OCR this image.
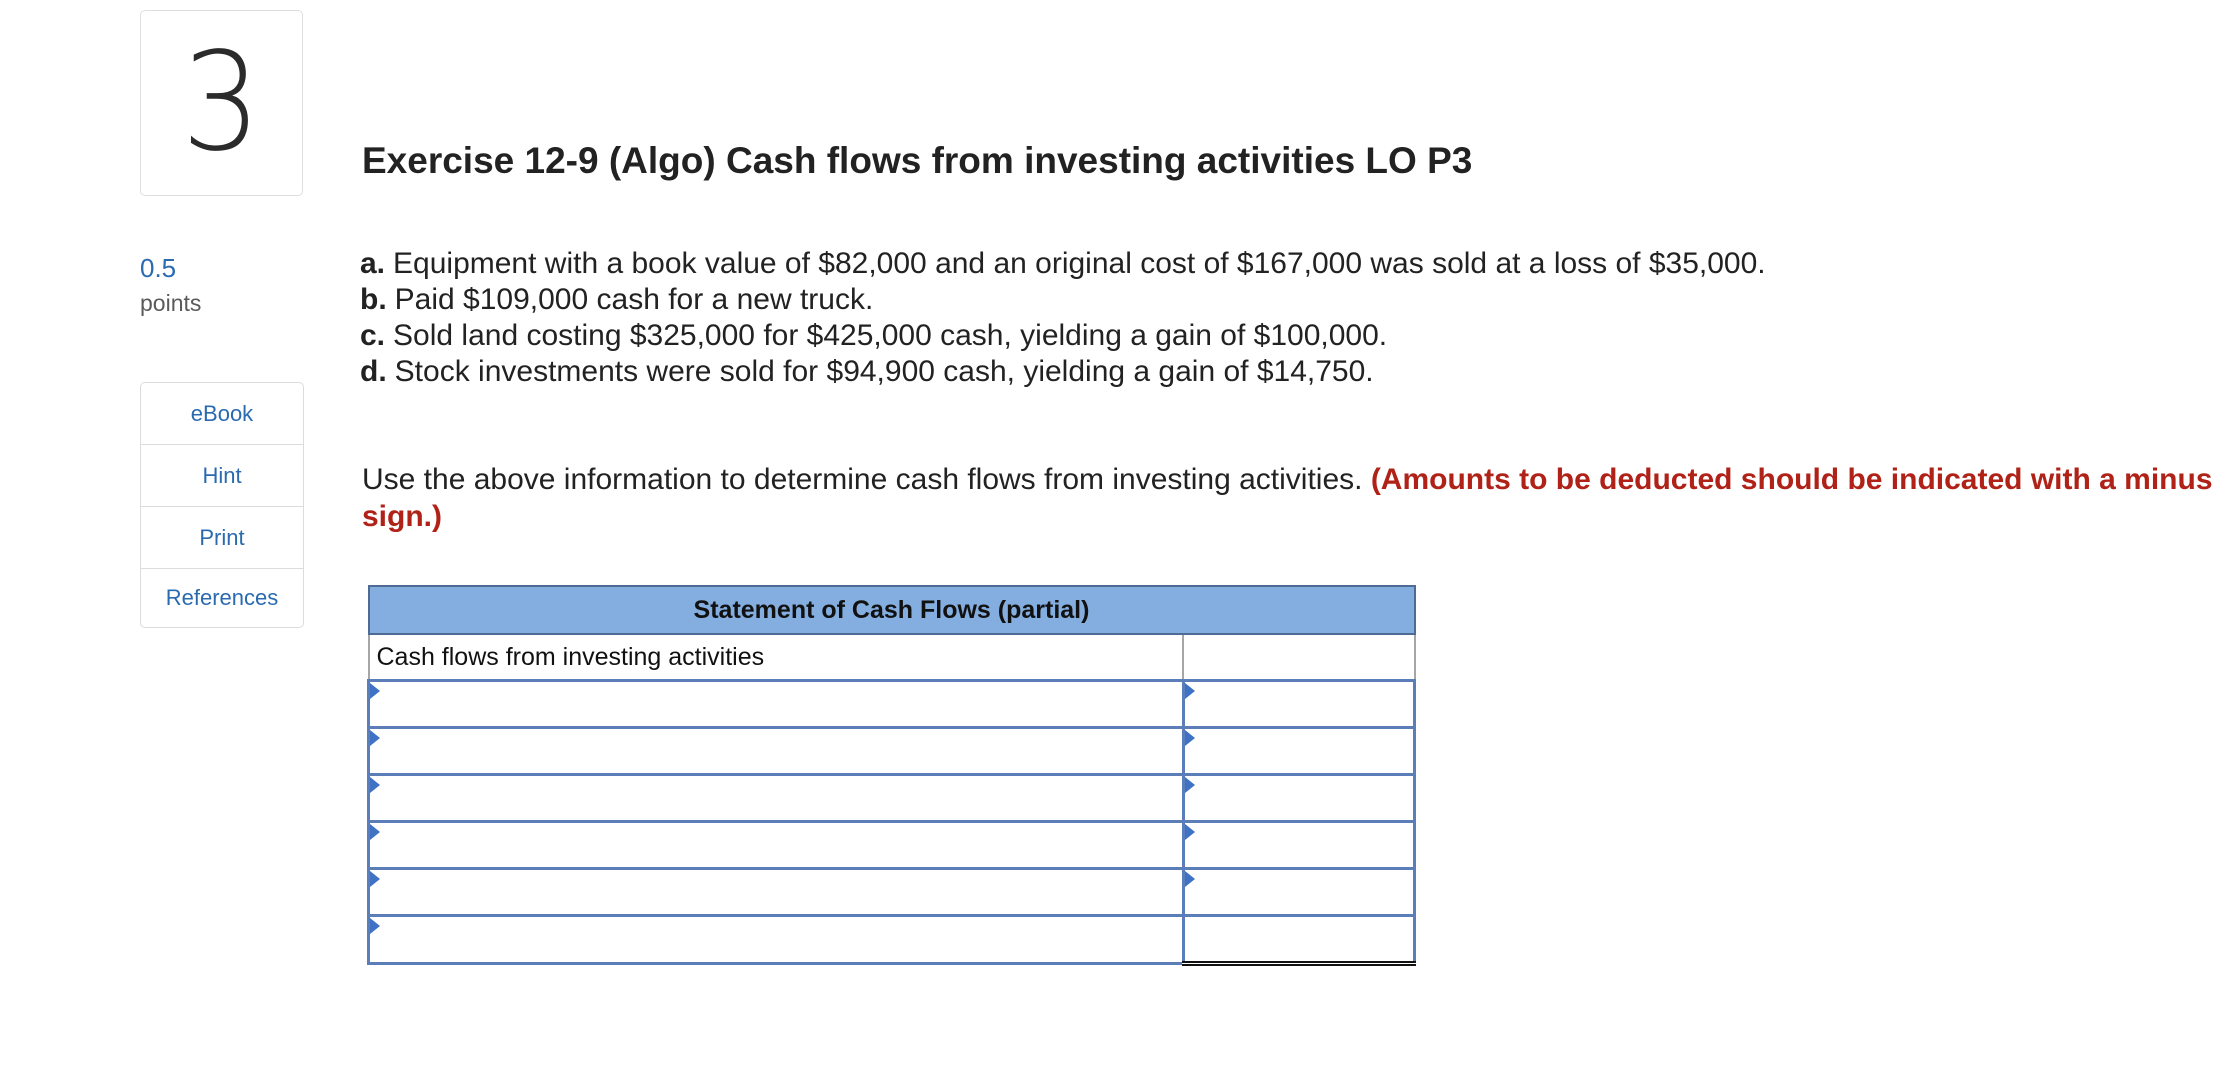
3
0.5
points
eBook
Hint
Print
References
Exercise 12-9 (Algo) Cash flows from investing activities LO P3
a. Equipment with a book value of $82,000 and an original cost of $167,000 was sold at a loss of $35,000.
b. Paid $109,000 cash for a new truck.
c. Sold land costing $325,000 for $425,000 cash, yielding a gain of $100,000.
d. Stock investments were sold for $94,900 cash, yielding a gain of $14,750.

Use the above information to determine cash flows from investing activities. (Amounts to be deducted should be indicated with a minus sign.)

Statement of Cash Flows (partial)	
Cash flows from investing activities	
